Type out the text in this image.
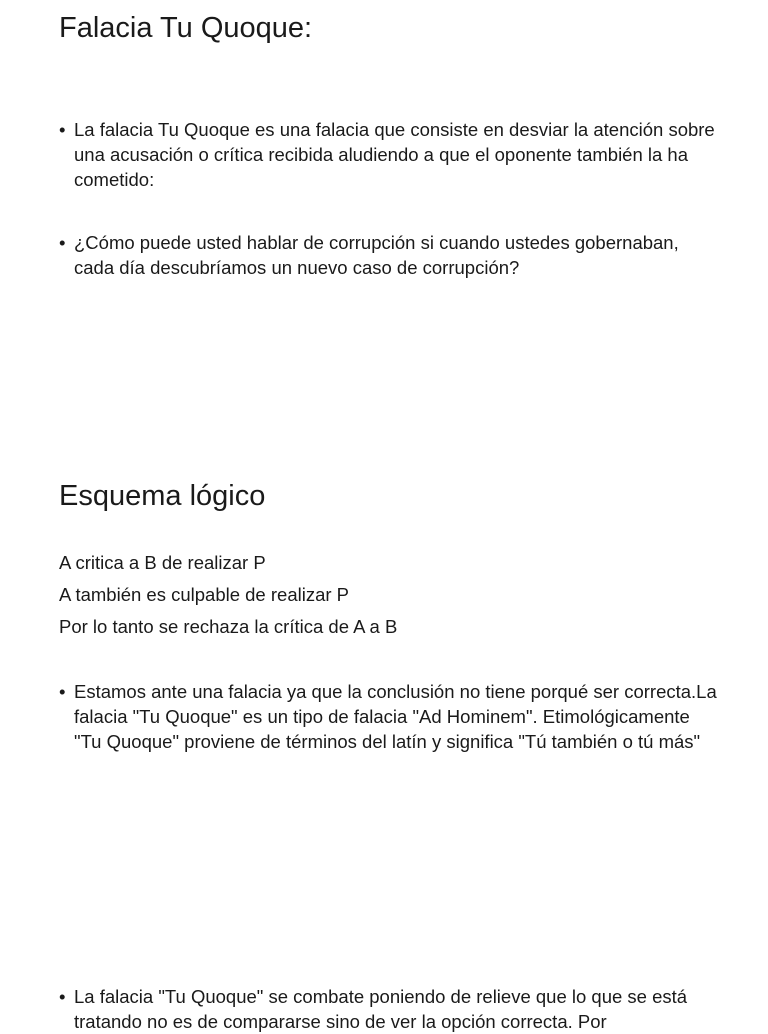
Falacia Tu Quoque:
• La falacia Tu Quoque es una falacia que consiste en desviar la atención sobre una acusación o crítica recibida aludiendo a que el oponente también la ha cometido:
• ¿Cómo puede usted hablar de corrupción si cuando ustedes gobernaban, cada día descubríamos un nuevo caso de corrupción?
Esquema lógico

A critica a B de realizar P

A también es culpable de realizar P

Por lo tanto se rechaza la crítica de A a B

• Estamos ante una falacia ya que la conclusión no tiene porqué ser correcta.La falacia "Tu Quoque" es un tipo de falacia "Ad Hominem". Etimológicamente "Tu Quoque" proviene de términos del latín y significa "Tú también o tú más"
• La falacia "Tu Quoque" se combate poniendo de relieve que lo que se está tratando no es de compararse sino de ver la opción correcta. Por
